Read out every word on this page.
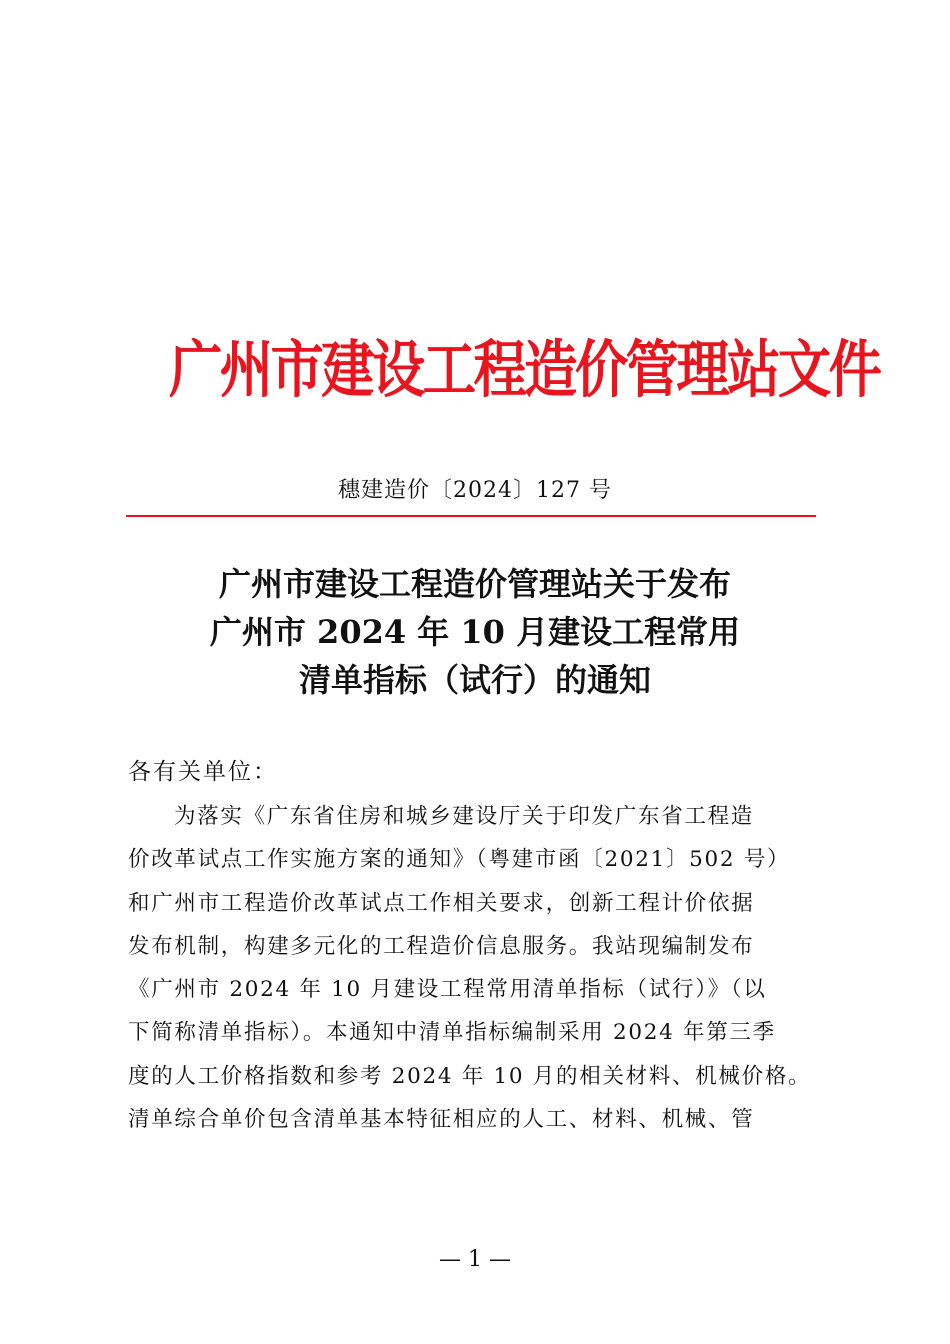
广州市建设工程造价管理站文件
穗建造价〔2024〕127 号
广州市建设工程造价管理站关于发布
广州市 2024 年 10 月建设工程常用
清单指标（试行）的通知
各有关单位：
为落实《广东省住房和城乡建设厅关于印发广东省工程造
价改革试点工作实施方案的通知》（粤建市函〔2021〕502 号）
和广州市工程造价改革试点工作相关要求，创新工程计价依据
发布机制，构建多元化的工程造价信息服务。我站现编制发布
《广州市 2024 年 10 月建设工程常用清单指标（试行）》（以
下简称清单指标）。本通知中清单指标编制采用 2024 年第三季
度的人工价格指数和参考 2024 年 10 月的相关材料、机械价格。
清单综合单价包含清单基本特征相应的人工、材料、机械、管
— 1 —
